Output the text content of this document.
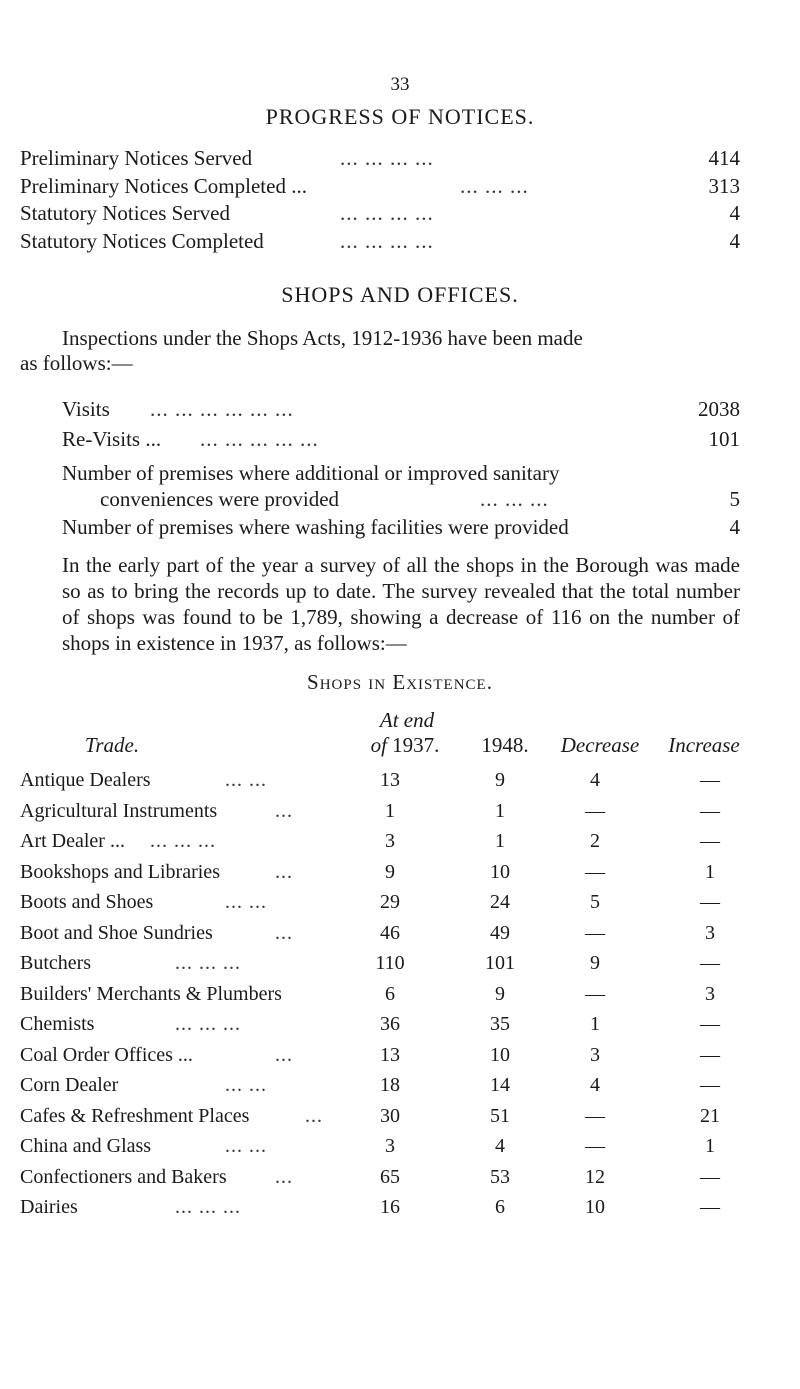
33
PROGRESS OF NOTICES.
Preliminary Notices Served	... ... ... ...	414
Preliminary Notices Completed ...	... ... ...	313
Statutory Notices Served	... ... ... ...	4
Statutory Notices Completed	... ... ... ...	4
SHOPS AND OFFICES.
Inspections under the Shops Acts, 1912-1936 have been made
as follows:—
Visits ... ... ... ... ... ...	2038
Re-Visits ... ... ... ... ... ...	101
Number of premises where additional or improved sanitary
conveniences were provided	... ... ...	5
Number of premises where washing facilities were provided	4
In the early part of the year a survey of all the shops in the Borough was made so as to bring the records up to date. The survey revealed that the total number of shops was found to be 1,789, showing a decrease of 116 on the number of shops in existence in 1937, as follows:—
Shops in Existence.
At end
Trade.	of 1937.	1948.	Decrease	Increase
Antique Dealers	... ...	13	9	4	—
Agricultural Instruments	...	1	1	—	—
Art Dealer ... ... ... ...	3	1	2	—
Bookshops and Libraries	...	9	10	—	1
Boots and Shoes	... ...	29	24	5	—
Boot and Shoe Sundries	...	46	49	—	3
Butchers	... ... ...	110	101	9	—
Builders' Merchants & Plumbers	6	9	—	3
Chemists	... ... ...	36	35	1	—
Coal Order Offices ...	...	13	10	3	—
Corn Dealer	... ...	18	14	4	—
Cafes & Refreshment Places	...	30	51	—	21
China and Glass	... ...	3	4	—	1
Confectioners and Bakers ...	65	53	12	—
Dairies	... ... ...	16	6	10	—
